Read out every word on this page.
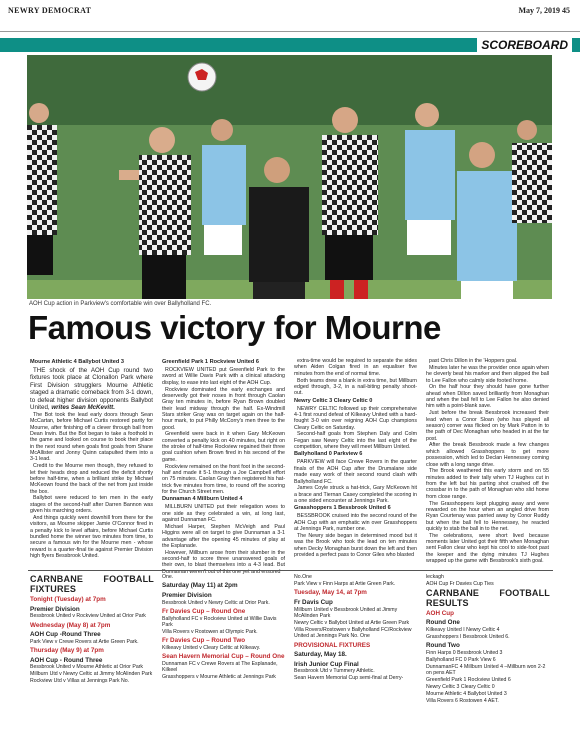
NEWRY DEMOCRAT	May 7, 2019 45
SCOREBOARD
AOH Cup action in Parkview's comfortable win over Ballyholland FC.
Famous victory for Mourne
Mourne Athletic 4 Ballybot United 3

THE shock of the AOH Cup round two fixtures took place at Clonallon Park where First Division strugglers Mourne Athletic staged a dramatic comeback from 3-1 down, to defeat higher division opponents Ballybot United, writes Sean McKevitt.

The Bot took the lead early doors through Sean McCartan, before Michael Curtis restored parity for Mourne, after finishing off a clever through ball from Dean Irwin. But the Bot began to take a foothold in the game and looked on course to book their place in the next round when goals first goals from Shane McAllister and Jonny Quinn catapulted them into a 3-1 lead.

Credit to the Mourne men though, they refused to let their heads drop and reduced the deficit shortly before half-time, when a brilliant strike by Michael McKeown found the back of the net from just inside the box.

Ballybot were reduced to ten men in the early stages of the second-half after Darren Bannon was given his marching orders.

And things quickly went downhill from there for the visitors, as Mourne skipper Jamie O'Connor fired in a penalty kick to level affairs, before Michael Curtis bundled home the winner two minutes from time, to secure a famous win for the Mourne men - whose reward is a quarter-final tie against Premier Division high flyers Bessbrook United.

Greenfield Park 1 Rockview United 6

ROCKVIEW UNITED put Greenfield Park to the sword at Willie Davis Park with a clinical attacking display, to ease into last eight of the AOH Cup.

Rockview dominated the early exchanges and deservedly got their noses in front through Caolan Gray ten minutes in, before Ryan Brown doubled their lead midway through the half. Ex-Windmill Stars striker Gray was on target again on the half-hour mark, to put Philly McCorry's men three to the good.

Greenfield were back in it when Gary McKeown converted a penalty kick on 40 minutes, but right on the stroke of half-time Rockview regained their three goal cushion when Brown fired in his second of the game.

Rockview remained on the front foot in the second-half and made it 5-1 through a Joe Campbell effort on 75 minutes. Caolan Gray then registered his hat-trick five minutes from time, to round off the scoring for the Church Street men.

Dunnaman 4 Millburn United 4

MILLBURN UNITED put their relegation woes to one side as they celebrated a win, at long last, against Dunnaman FC.

Michael Harper, Stephen McVeigh and Paul Higgins were all on target to give Dunnaman a 3-1 advantage after the opening 45 minutes of play at the Esplanade.

However, Millburn arose from their slumber in the second-half to score three unanswered goals of their own, to blast themselves into a 4-3 lead. But Dunnaman weren't out of this one yet and ensured

extra-time would be required to separate the sides when Aiden Colgan fired in an equaliser five minutes from the end of normal time.

Both teams drew a blank in extra time, but Millburn edged through, 3-2, in a nail-biting penalty shoot-out.

Newry Celtic 3 Cleary Celtic 0

NEWRY CELTIC followed up their comprehensive 4-1 first round defeat of Kilkeavy United with a hard-fought 3-0 win over reigning AOH Cup champions Cleary Celtic on Saturday.

Second-half goals from Stephen Daly and Colm Fegan saw Newry Celtic into the last eight of the competition, where they will meet Millburn United.

Ballyholland 0 Parkview 6

PARKVIEW will face Crewe Rovers in the quarter finals of the AOH Cup after the Drumalane side made easy work of their second round clash with Ballyholland FC.

James Coyle struck a hat-trick, Gary McKeown hit a brace and Tiernan Casey completed the scoring in a one sided encounter at Jennings Park.

Grasshoppers 1 Bessbrook United 6

BESSBROOK cruised into the second round of the AOH Cup with an emphatic win over Grasshoppers at Jennings Park, number one.

The Newry side began in determined mood but it was the Brook who took the lead on ten minutes when Decky Monaghan burst down the left and then provided a perfect pass to Conor Giles who blasted

past Chris Dillon in the 'Hoppers goal.

Minutes later he was the provider once again when he cleverly beat his marker and then slipped the ball to Lee Fallon who calmly side footed home.

On the half hour they should have gone further ahead when Dillon saved brilliantly from Monaghan and when the ball fell to Lee Fallon he also denied him with a point-blank save.

Just before the break Bessbrook increased their lead when a Conor Sloan (who has played all season) corner was flicked on by Mark Patton in to the path of Dec Monaghan who headed in at the far post.

After the break Bessbrook made a few changes which allowed Grasshoppers to get more possession, which led to Declan Hennessey coming close with a long range drive.

The Brook weathered this early storm and on 55 minutes added to their tally when TJ Hughes cut in from the left but his parting shot crashed off the crossbar in to the path of Monaghan who slid home from close range.

The Grasshoppers kept plugging away and were rewarded on the hour when an angled drive from Ryan Courtenay was parried away by Conor Ruddy but when the ball fell to Hennessey, he reacted quickly to stab the ball in to the net.

The celebrations, were short lived because moments later United got their fifth when Monaghan sent Fallon clear who kept his cool to side-foot past the keeper and the dying minutes TJ Hughes wrapped up the game with Bessbrook's sixth goal.

CARNBANE FOOTBALL FIXTURES
Tonight (Tuesday) at 7pm
Premier Division

Bessbrook United v Rockview United at Orior Park

Wednesday (May 8) at 7pm
AOH Cup -Round Three

Park View v Crewe Rovers at Artie Green Park.

Thursday (May 9) at 7pm
AOH Cup - Round Three

Bessbrook United v Mourne Athletic at Orior Park

Millburn Utd v Newry Celtic at Jimmy McAlinden Park

Rockview Utd v Villas at Jennings Park No.

One.

Saturday (May 11) at 2pm
Premier Division

Bessbrook United v Newry Celtic at Orior Park.

Fr Davies Cup – Round One

Ballyholland FC v Rockview United at Willie Davis Park

Villa Rovers v Rostowen at Olympic Park.

Fr Davies Cup – Round Two

Kilkeavy United v Cleary Celtic at Kilkeavy.

Sean Havern Memorial Cup – Round One

Dunnaman FC v Crewe Rovers at The Esplanade, Kilkeel

Grasshoppers v Mourne Athletic at Jennings Park

No.One

Park View v Finn Harps at Artie Green Park.

Tuesday, May 14, at 7pm
Fr Davis Cup

Millburn United v Bessbrook United at Jimmy McAlinden Park

Newry Celtic v Ballybot United at Artie Green Park

Villa Rovers/Rostowen v Ballyholland FC/Rockview United at Jennings Park No. One

PROVISIONAL FIXTURES
Saturday, May 18.
Irish Junior Cup Final

Bessbrook Utd v Tummery Athletic.

Sean Havern Memorial Cup semi-final at Derry-

leckagh

AOH Cup Fr Davies Cup Ties

CARNBANE FOOTBALL RESULTS
AOH Cup
Round One

Kilkeavy United I Newry Celtic 4

Grasshoppers I Bessbrook United 6.

Round Two

Finn Harps 0 Bessbrook United 3

Ballyholland FC 0 Park View 6

DunnamanFC 4 Millburn United 4 –Millburn won 2-2 on pens AET

Greenfield Park 1 Rockview United 6

Newry Celtic 3 Cleary Celtic 0

Mourne Athletic 4 Ballybot United 3

Villa Rovers 6 Rostowen 4 AET.
